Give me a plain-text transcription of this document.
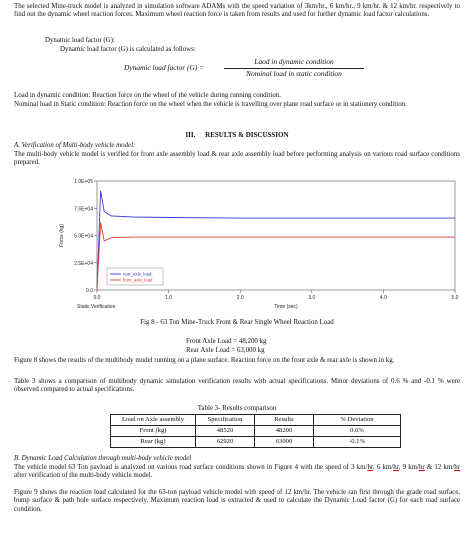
The selected Mine-truck model is analyzed in simulation software ADAMs with the speed variation of 3km/hr., 6 km/hr., 9 km/hr. & 12 km/hr. respectively to find out the dynamic wheel reaction forces. Maximum wheel reaction force is taken from results and used for further dynamic load factor calculations.

Dynamic load factor (G):

Dynamic load factor (G) is calculated as follows:

Dynamic load factor (G) =
Laod in dynamic condition
Nominal load in static condition

Load in dynamic condition: Reaction force on the wheel of the vehicle during running condition.

Nominal load in Static condition: Reaction force on the wheel when the vehicle is travelling over plane road surface or in stationery condition.

III. RESULTS & DISCUSSION
A. Verification of Multi-body vehicle model:

The multi-body vehicle model is verified for front axle assembly load & rear axle assembly load before performing analysis on various road surface conditions prepared.

0.0
2.5E+04
5.0E+04
7.5E+04
1.0E+05
0.0	1.0	2.0	3.0	4.0	5.0
Force (kg)
Time (sec)
Static Verification
rear_axle_load
front_axle_load
Fig 8 - 63 Ton Mine-Truck Front & Rear Single Wheel Reaction Load
Front Axle Load = 48,200 kg
Rear Axle Load = 63,000 kg

Figure 8 shows the results of the multibody model running on a plane surface. Reaction force on the front axle & rear axle is shown in kg.

Table 3 shows a comparison of multibody dynamic simulation verification results with actual specifications. Minor deviations of 0.6 % and -0.1 % were observed compared to actual specifications.

Table 3- Results comparison
Load on Axle assembly	Specification	Results	% Deviation
Front (kg)	48520	48200	0.6%
Rear (kg)	62920	63000	-0.1%
B. Dynamic Load Calculation through multi-body vehicle model

The vehicle model 63 Ton payload is analyzed on various road surface conditions shown in Figure 4 with the speed of 3 km/hr, 6 km/hr, 9 km/hr & 12 km/hr after verification of the multi-body vehicle model.

Figure 9 shows the reaction load calculated for the 63-ton payload vehicle model with speed of 12 km/hr. The vehicle ran first through the grade road surface, bump surface & path hole surface respectively. Maximum reaction load is extracted & used to calculate the Dynamic Load factor (G) for each road surface condition.
